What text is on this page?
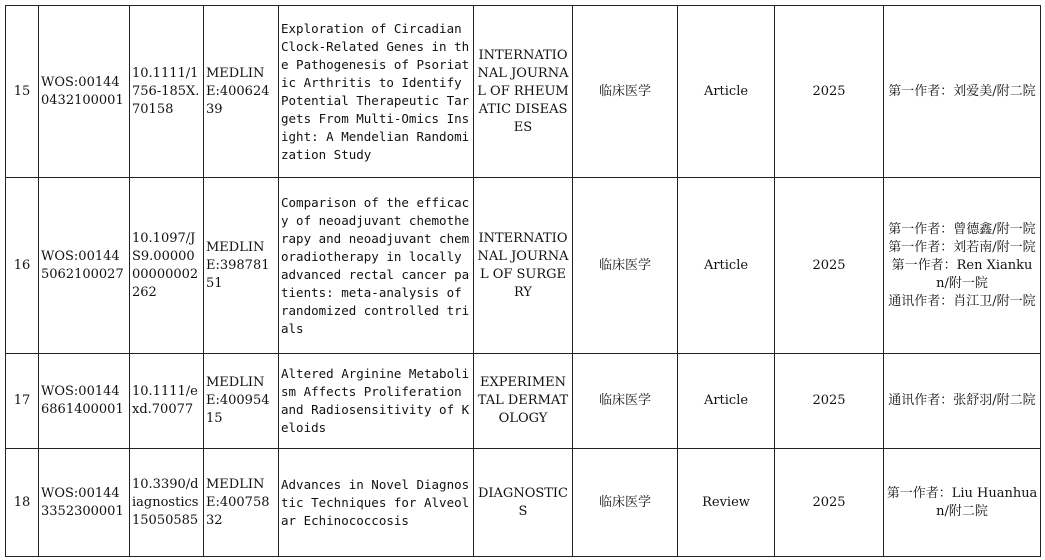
15	WOS:001440432100001	10.1111/1756-185X.70158	MEDLINE:40062439	Exploration of Circadian Clock-Related Genes in the Pathogenesis of Psoriatic Arthritis to Identify Potential Therapeutic Targets From Multi-Omics Insight: A Mendelian Randomization Study	INTERNATIONAL JOURNAL OF RHEUMATIC DISEASES	临床医学	Article	2025	第一作者：刘爱美/附二院

16	WOS:001445062100027	10.1097/JS9.0000000000002262	MEDLINE:39878151	Comparison of the efficacy of neoadjuvant chemotherapy and neoadjuvant chemoradiotherapy in locally advanced rectal cancer patients: meta-analysis of randomized controlled trials	INTERNATIONAL JOURNAL OF SURGERY	临床医学	Article	2025	第一作者：曾德鑫/附一院
第一作者：刘若南/附一院
第一作者：Ren Xiankun/附一院
通讯作者：肖江卫/附一院

17	WOS:001446861400001	10.1111/exd.70077	MEDLINE:40095415	Altered Arginine Metabolism Affects Proliferation and Radiosensitivity of Keloids	EXPERIMENTAL DERMATOLOGY	临床医学	Article	2025	通讯作者：张舒羽/附二院

18	WOS:001443352300001	10.3390/diagnostics15050585	MEDLINE:40075832	Advances in Novel Diagnostic Techniques for Alveolar Echinococcosis	DIAGNOSTICS	临床医学	Review	2025	第一作者：Liu Huanhuan/附二院
